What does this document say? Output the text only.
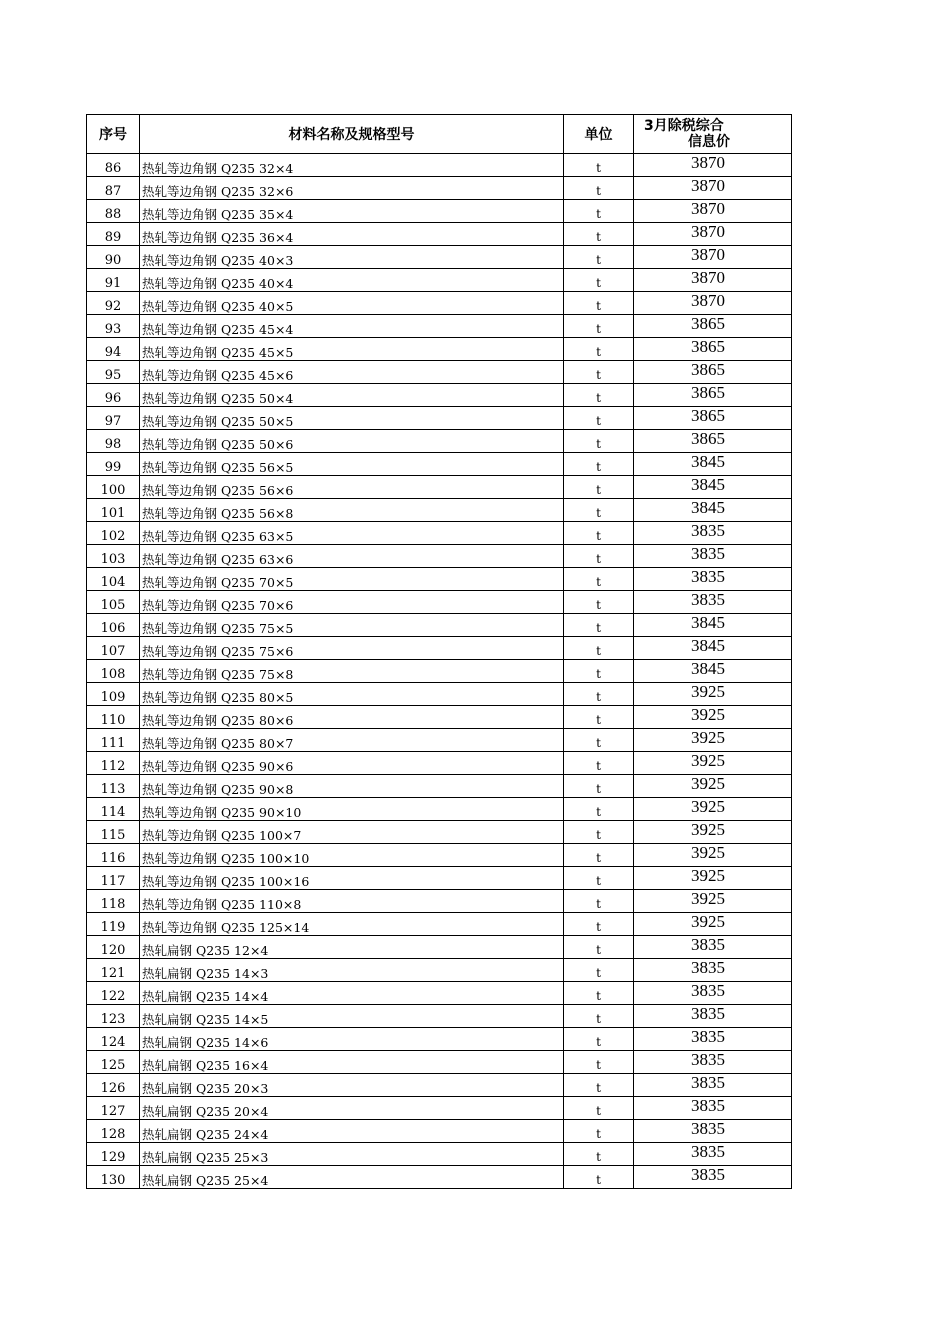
序号	材料名称及规格型号	单位	3月除税综合
信息价

86	热轧等边角钢 Q235 32×4	t	3870
87	热轧等边角钢 Q235 32×6	t	3870
88	热轧等边角钢 Q235 35×4	t	3870
89	热轧等边角钢 Q235 36×4	t	3870
90	热轧等边角钢 Q235 40×3	t	3870
91	热轧等边角钢 Q235 40×4	t	3870
92	热轧等边角钢 Q235 40×5	t	3870
93	热轧等边角钢 Q235 45×4	t	3865
94	热轧等边角钢 Q235 45×5	t	3865
95	热轧等边角钢 Q235 45×6	t	3865
96	热轧等边角钢 Q235 50×4	t	3865
97	热轧等边角钢 Q235 50×5	t	3865
98	热轧等边角钢 Q235 50×6	t	3865
99	热轧等边角钢 Q235 56×5	t	3845
100	热轧等边角钢 Q235 56×6	t	3845
101	热轧等边角钢 Q235 56×8	t	3845
102	热轧等边角钢 Q235 63×5	t	3835
103	热轧等边角钢 Q235 63×6	t	3835
104	热轧等边角钢 Q235 70×5	t	3835
105	热轧等边角钢 Q235 70×6	t	3835
106	热轧等边角钢 Q235 75×5	t	3845
107	热轧等边角钢 Q235 75×6	t	3845
108	热轧等边角钢 Q235 75×8	t	3845
109	热轧等边角钢 Q235 80×5	t	3925
110	热轧等边角钢 Q235 80×6	t	3925
111	热轧等边角钢 Q235 80×7	t	3925
112	热轧等边角钢 Q235 90×6	t	3925
113	热轧等边角钢 Q235 90×8	t	3925
114	热轧等边角钢 Q235 90×10	t	3925
115	热轧等边角钢 Q235 100×7	t	3925
116	热轧等边角钢 Q235 100×10	t	3925
117	热轧等边角钢 Q235 100×16	t	3925
118	热轧等边角钢 Q235 110×8	t	3925
119	热轧等边角钢 Q235 125×14	t	3925
120	热轧扁钢 Q235 12×4	t	3835
121	热轧扁钢 Q235 14×3	t	3835
122	热轧扁钢 Q235 14×4	t	3835
123	热轧扁钢 Q235 14×5	t	3835
124	热轧扁钢 Q235 14×6	t	3835
125	热轧扁钢 Q235 16×4	t	3835
126	热轧扁钢 Q235 20×3	t	3835
127	热轧扁钢 Q235 20×4	t	3835
128	热轧扁钢 Q235 24×4	t	3835
129	热轧扁钢 Q235 25×3	t	3835
130	热轧扁钢 Q235 25×4	t	3835
